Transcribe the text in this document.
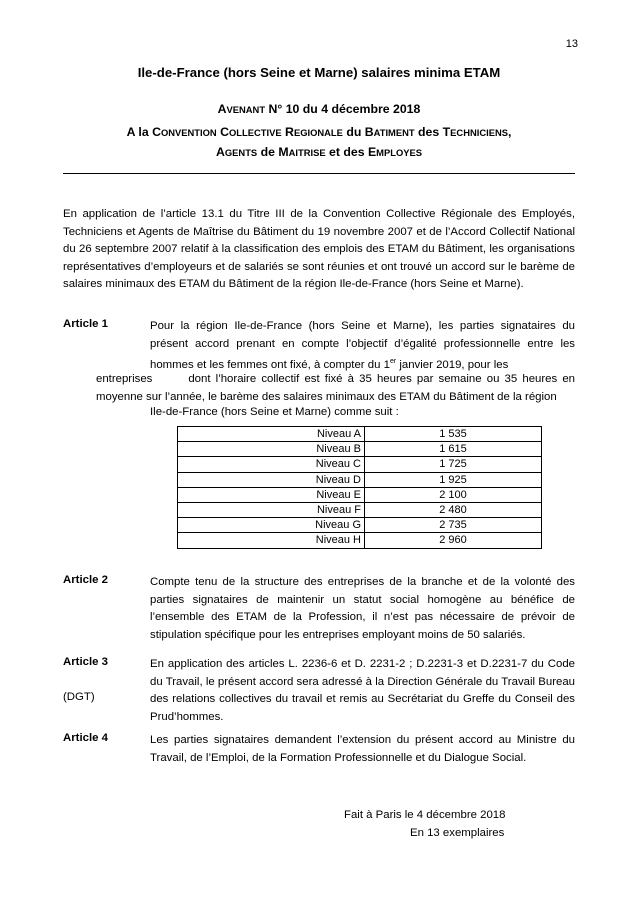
13
Ile-de-France (hors Seine et Marne) salaires minima ETAM
AVENANT N° 10 du 4 décembre 2018
A la CONVENTION COLLECTIVE REGIONALE du BATIMENT des TECHNICIENS,
AGENTS de MAITRISE et des EMPLOYES

En application de l’article 13.1 du Titre III de la Convention Collective Régionale des Employés, Techniciens et Agents de Maîtrise du Bâtiment du 19 novembre 2007 et de l’Accord Collectif National du 26 septembre 2007 relatif à la classification des emplois des ETAM du Bâtiment, les organisations représentatives d’employeurs et de salariés se sont réunies et ont trouvé un accord sur le barème de salaires minimaux des ETAM du Bâtiment de la région Ile-de-France (hors Seine et Marne).

Article 1	Pour la région Ile-de-France (hors Seine et Marne), les parties signataires du présent accord prenant en compte l’objectif d’égalité professionnelle entre les hommes et les femmes ont fixé, à compter du 1er janvier 2019, pour les
entreprises       dont l’horaire collectif est fixé à 35 heures par semaine ou 35 heures en moyenne sur l’année, le barème des salaires minimaux des ETAM du Bâtiment de la région
Ile-de-France (hors Seine et Marne) comme suit :
Niveau A	1 535
Niveau B	1 615
Niveau C	1 725
Niveau D	1 925
Niveau E	2 100
Niveau F	2 480
Niveau G	2 735
Niveau H	2 960
Article 2	Compte tenu de la structure des entreprises de la branche et de la volonté des parties signataires de maintenir un statut social homogène au bénéfice de l’ensemble des ETAM de la Profession, il n’est pas nécessaire de prévoir de stipulation spécifique pour les entreprises employant moins de 50 salariés.
Article 3
(DGT)
En application des articles L. 2236-6 et D. 2231-2 ; D.2231-3 et D.2231-7 du Code du Travail, le présent accord sera adressé à la Direction Générale du Travail Bureau des relations collectives du travail et remis au Secrétariat du Greffe du Conseil des Prud’hommes.
Article 4	Les parties signataires demandent l’extension du présent accord au Ministre du Travail, de l’Emploi, de la Formation Professionnelle et du Dialogue Social.
Fait à Paris le 4 décembre 2018
En 13 exemplaires
